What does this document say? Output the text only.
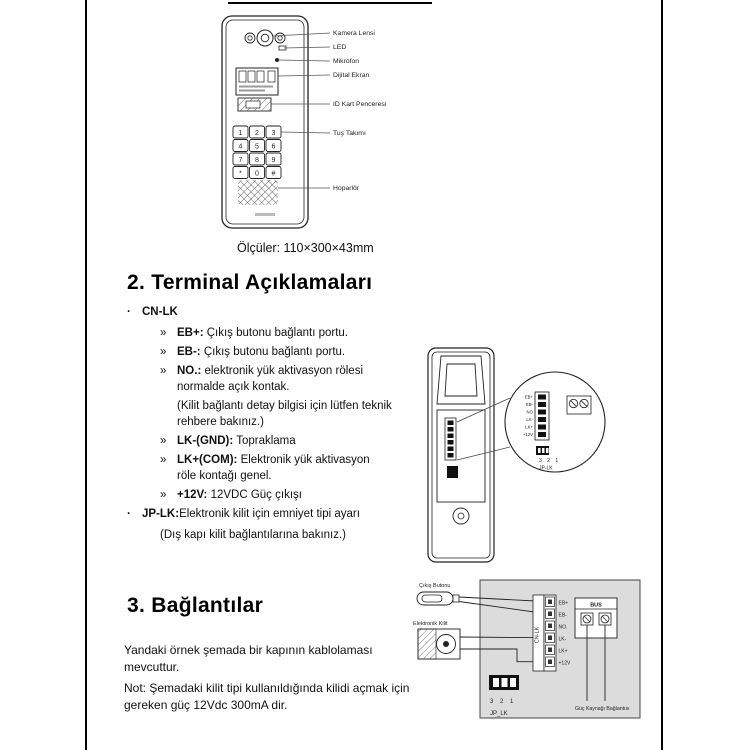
1 2 3
4 5 6
7 8 9
* 0 #
Kamera Lensi
LED
Mikrofon
Dijital Ekran
ID Kart Penceresi
Tuş Takımı
Hoparlör
Ölçüler: 110×300×43mm
2. Terminal Açıklamaları
· CN-LK
» EB+: Çıkış butonu bağlantı portu.
» EB-: Çıkış butonu bağlantı portu.
» NO.: elektronik yük aktivasyon rölesi normalde açık kontak.
(Kilit bağlantı detay bilgisi için lütfen teknik rehbere bakınız.)
» LK-(GND): Topraklama
» LK+(COM): Elektronik yük aktivasyon röle kontağı genel.
» +12V: 12VDC Güç çıkışı
· JP-LK:Elektronik kilit için emniyet tipi ayarı
(Dış kapı kilit bağlantılarına bakınız.)
EB+
EB-
NO
LK-
LK+
+12V
3 2 1
JP-LK
3. Bağlantılar
Yandaki örnek şemada bir kapının kablolaması mevcuttur.
Not: Şemadaki kilit tipi kullanıldığında kilidi açmak için
gereken güç 12Vdc 300mA dir.
Çıkış Butonu
Elektronik Kilit
CN-LK
EB+
EB-
NO.
LK-
LK+
+12V
BUS
Güç Kaynağı Bağlantısı
3 2 1
JP_LK
